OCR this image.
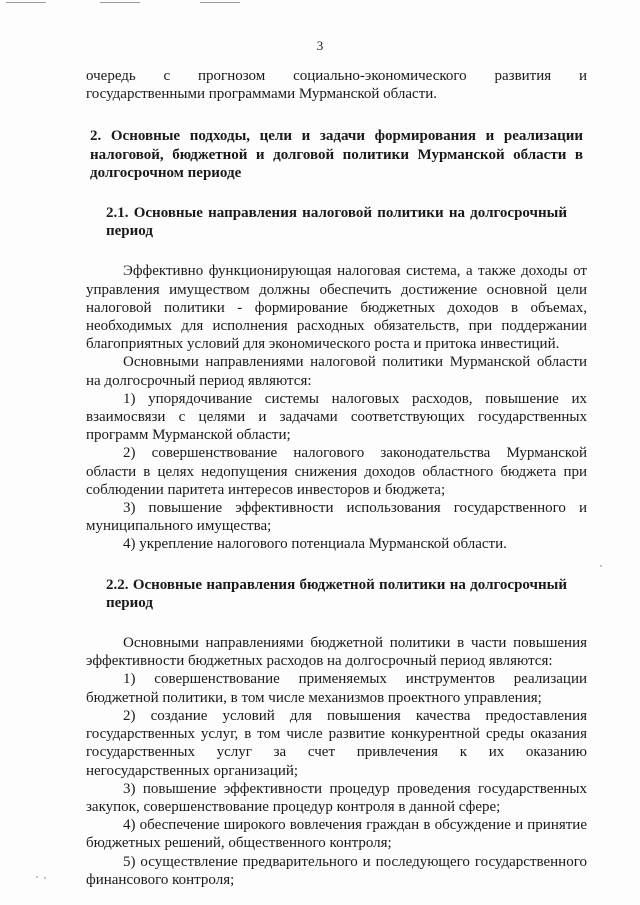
3

очередь с прогнозом социально-экономического развития и

государственными программами Мурманской области.

2. Основные подходы, цели и задачи формирования и реализации налоговой, бюджетной и долговой политики Мурманской области в долгосрочном периоде

2.1. Основные направления налоговой политики на долгосрочный период

Эффективно функционирующая налоговая система, а также доходы от управления имуществом должны обеспечить достижение основной цели налоговой политики - формирование бюджетных доходов в объемах, необходимых для исполнения расходных обязательств, при поддержании благоприятных условий для экономического роста и притока инвестиций.

Основными направлениями налоговой политики Мурманской области на долгосрочный период являются:

1) упорядочивание системы налоговых расходов, повышение их взаимосвязи с целями и задачами соответствующих государственных программ Мурманской области;

2) совершенствование налогового законодательства Мурманской области в целях недопущения снижения доходов областного бюджета при соблюдении паритета интересов инвесторов и бюджета;

3) повышение эффективности использования государственного и муниципального имущества;

4) укрепление налогового потенциала Мурманской области.

2.2. Основные направления бюджетной политики на долгосрочный период

Основными направлениями бюджетной политики в части повышения эффективности бюджетных расходов на долгосрочный период являются:

1) совершенствование применяемых инструментов реализации бюджетной политики, в том числе механизмов проектного управления;

2) создание условий для повышения качества предоставления государственных услуг, в том числе развитие конкурентной среды оказания государственных услуг за счет привлечения к их оказанию негосударственных организаций;

3) повышение эффективности процедур проведения государственных закупок, совершенствование процедур контроля в данной сфере;

4) обеспечение широкого вовлечения граждан в обсуждение и принятие бюджетных решений, общественного контроля;

5) осуществление предварительного и последующего государственного финансового контроля;
